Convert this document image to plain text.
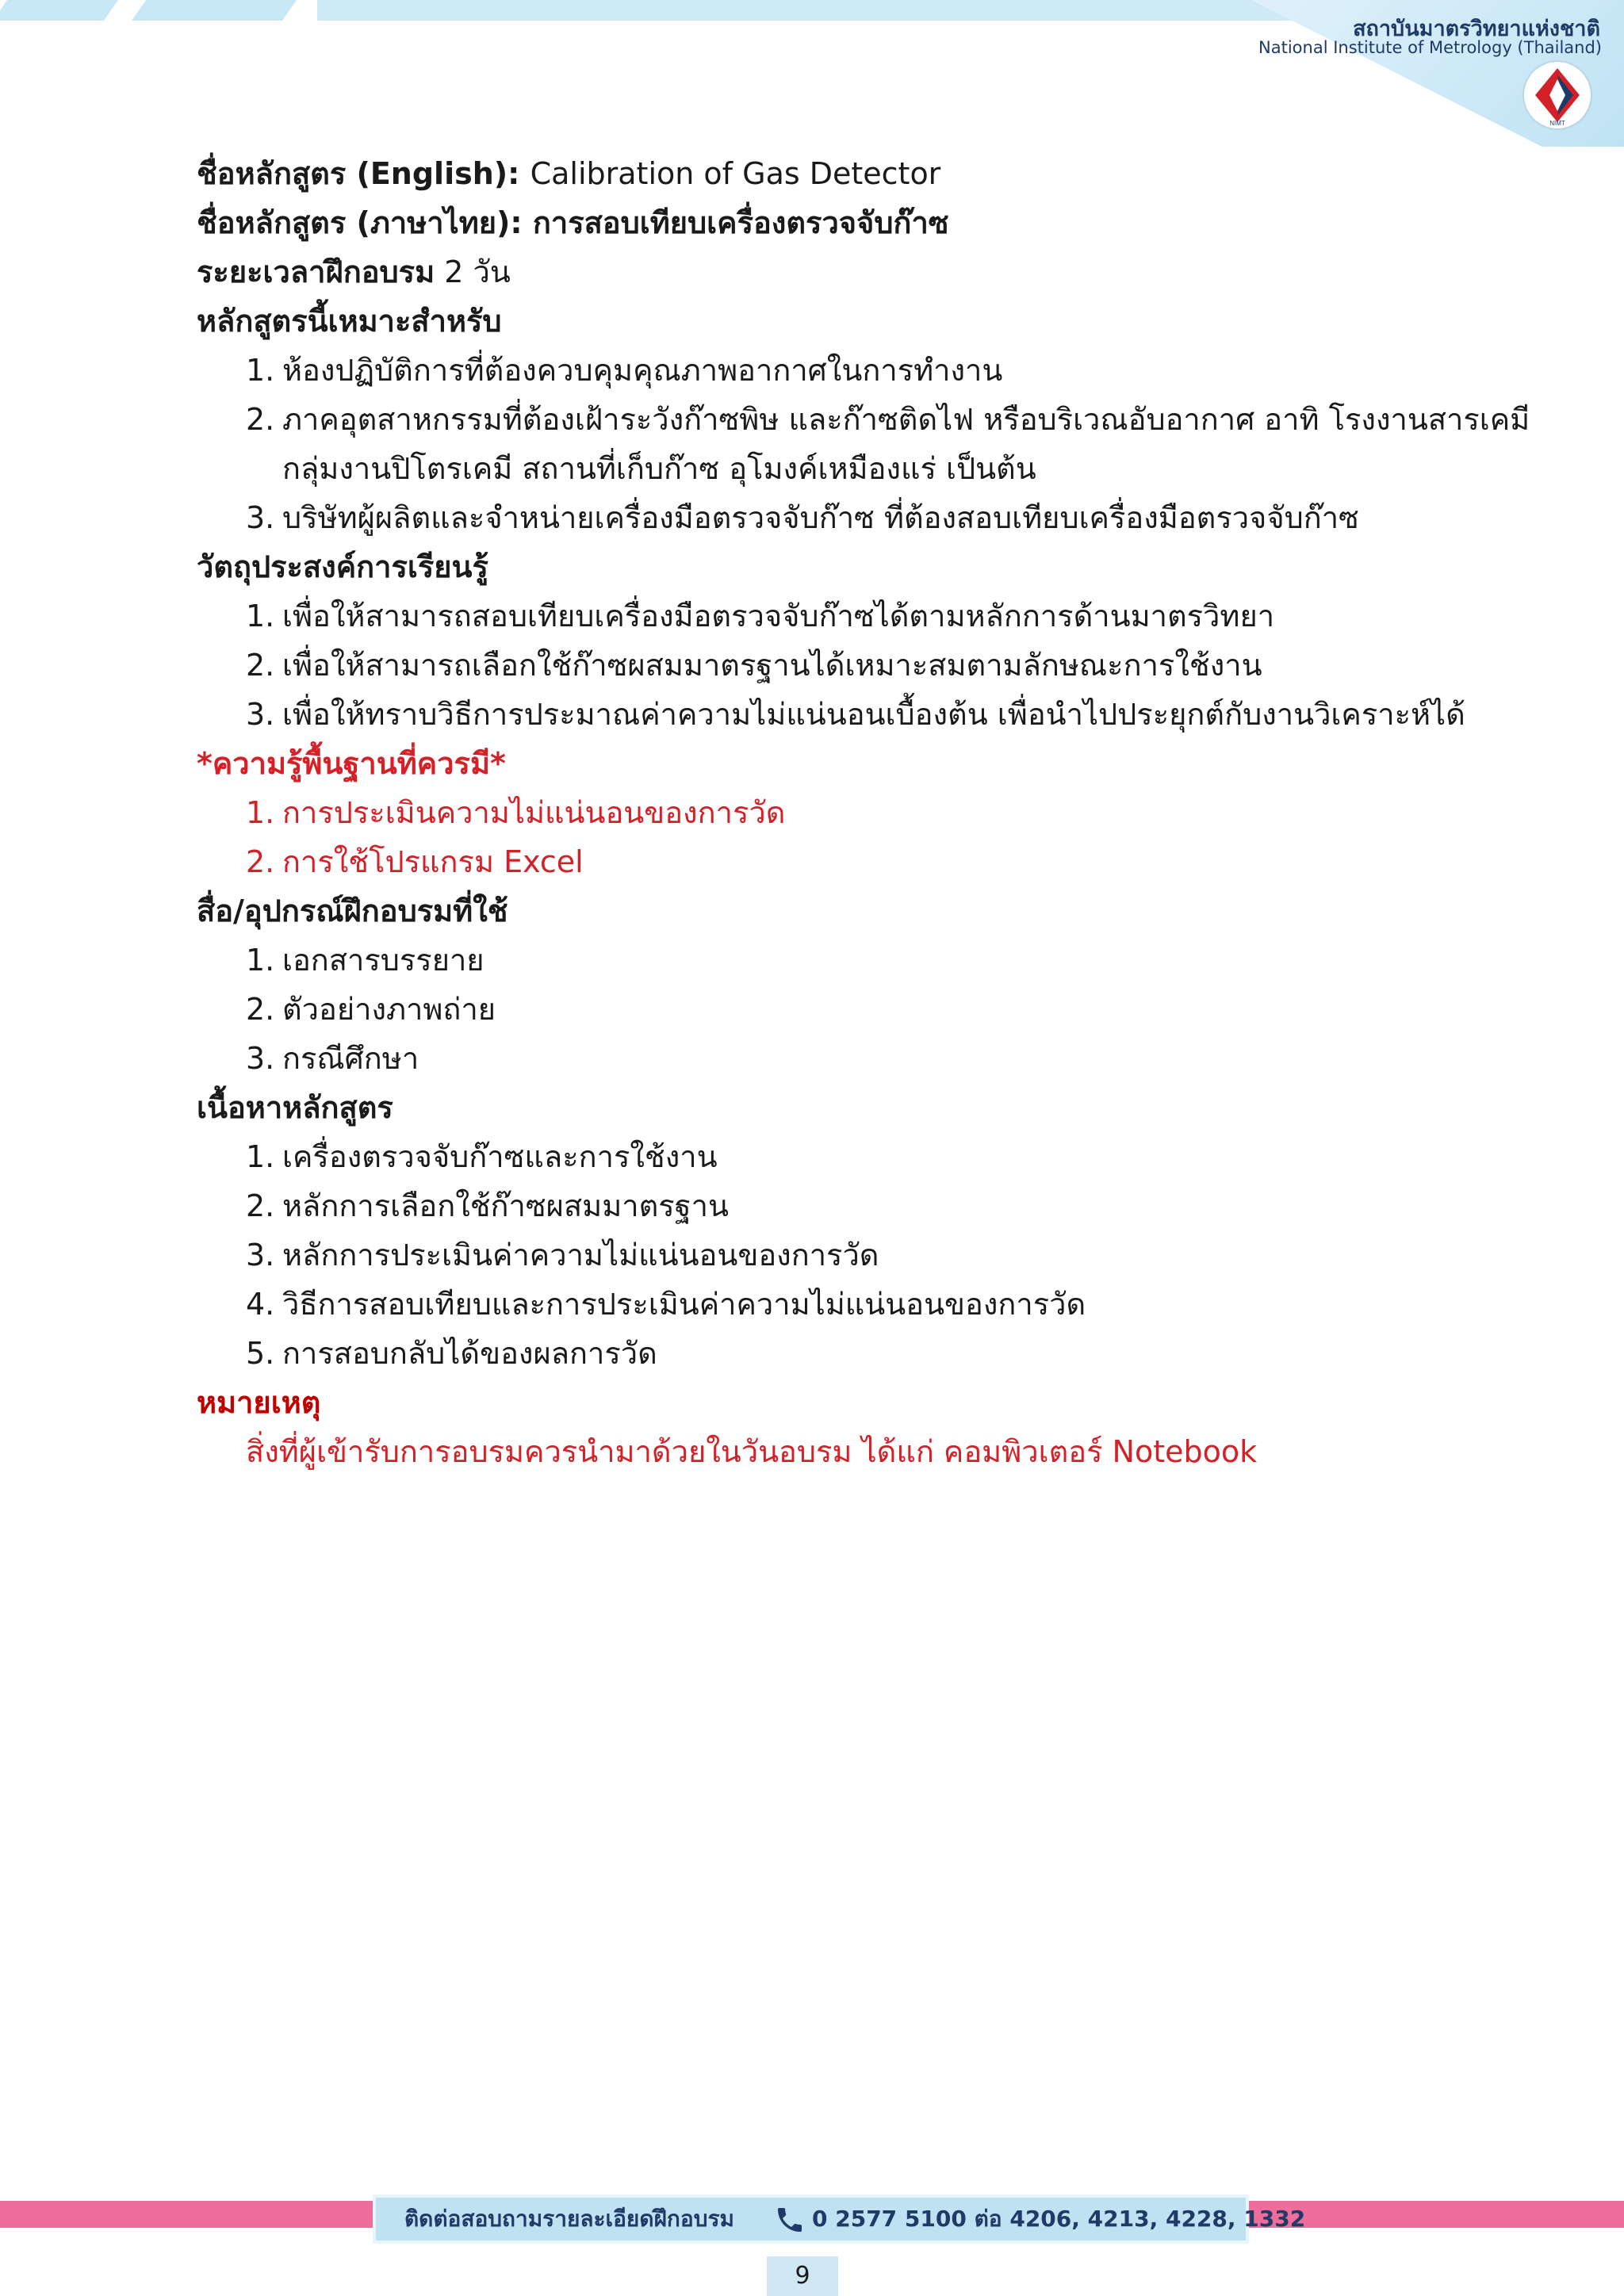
สถาบันมาตรวิทยาแห่งชาติ
National Institute of Metrology (Thailand)
NIMT
ชื่อหลักสูตร (English): Calibration of Gas Detector
ชื่อหลักสูตร (ภาษาไทย): การสอบเทียบเครื่องตรวจจับก๊าซ
ระยะเวลาฝึกอบรม 2 วัน
หลักสูตรนี้เหมาะสำหรับ
1. ห้องปฏิบัติการที่ต้องควบคุมคุณภาพอากาศในการทำงาน
2. ภาคอุตสาหกรรมที่ต้องเฝ้าระวังก๊าซพิษ และก๊าซติดไฟ หรือบริเวณอับอากาศ อาทิ โรงงานสารเคมี
กลุ่มงานปิโตรเคมี สถานที่เก็บก๊าซ อุโมงค์เหมืองแร่ เป็นต้น
3. บริษัทผู้ผลิตและจำหน่ายเครื่องมือตรวจจับก๊าซ ที่ต้องสอบเทียบเครื่องมือตรวจจับก๊าซ
วัตถุประสงค์การเรียนรู้
1. เพื่อให้สามารถสอบเทียบเครื่องมือตรวจจับก๊าซได้ตามหลักการด้านมาตรวิทยา
2. เพื่อให้สามารถเลือกใช้ก๊าซผสมมาตรฐานได้เหมาะสมตามลักษณะการใช้งาน
3. เพื่อให้ทราบวิธีการประมาณค่าความไม่แน่นอนเบื้องต้น เพื่อนำไปประยุกต์กับงานวิเคราะห์ได้
*ความรู้พื้นฐานที่ควรมี*
1. การประเมินความไม่แน่นอนของการวัด
2. การใช้โปรแกรม Excel
สื่อ/อุปกรณ์ฝึกอบรมที่ใช้
1. เอกสารบรรยาย
2. ตัวอย่างภาพถ่าย
3. กรณีศึกษา
เนื้อหาหลักสูตร
1. เครื่องตรวจจับก๊าซและการใช้งาน
2. หลักการเลือกใช้ก๊าซผสมมาตรฐาน
3. หลักการประเมินค่าความไม่แน่นอนของการวัด
4. วิธีการสอบเทียบและการประเมินค่าความไม่แน่นอนของการวัด
5. การสอบกลับได้ของผลการวัด
หมายเหตุ
สิ่งที่ผู้เข้ารับการอบรมควรนำมาด้วยในวันอบรม ได้แก่ คอมพิวเตอร์ Notebook
ติดต่อสอบถามรายละเอียดฝึกอบรม	0 2577 5100 ต่อ 4206, 4213, 4228, 1332
9
